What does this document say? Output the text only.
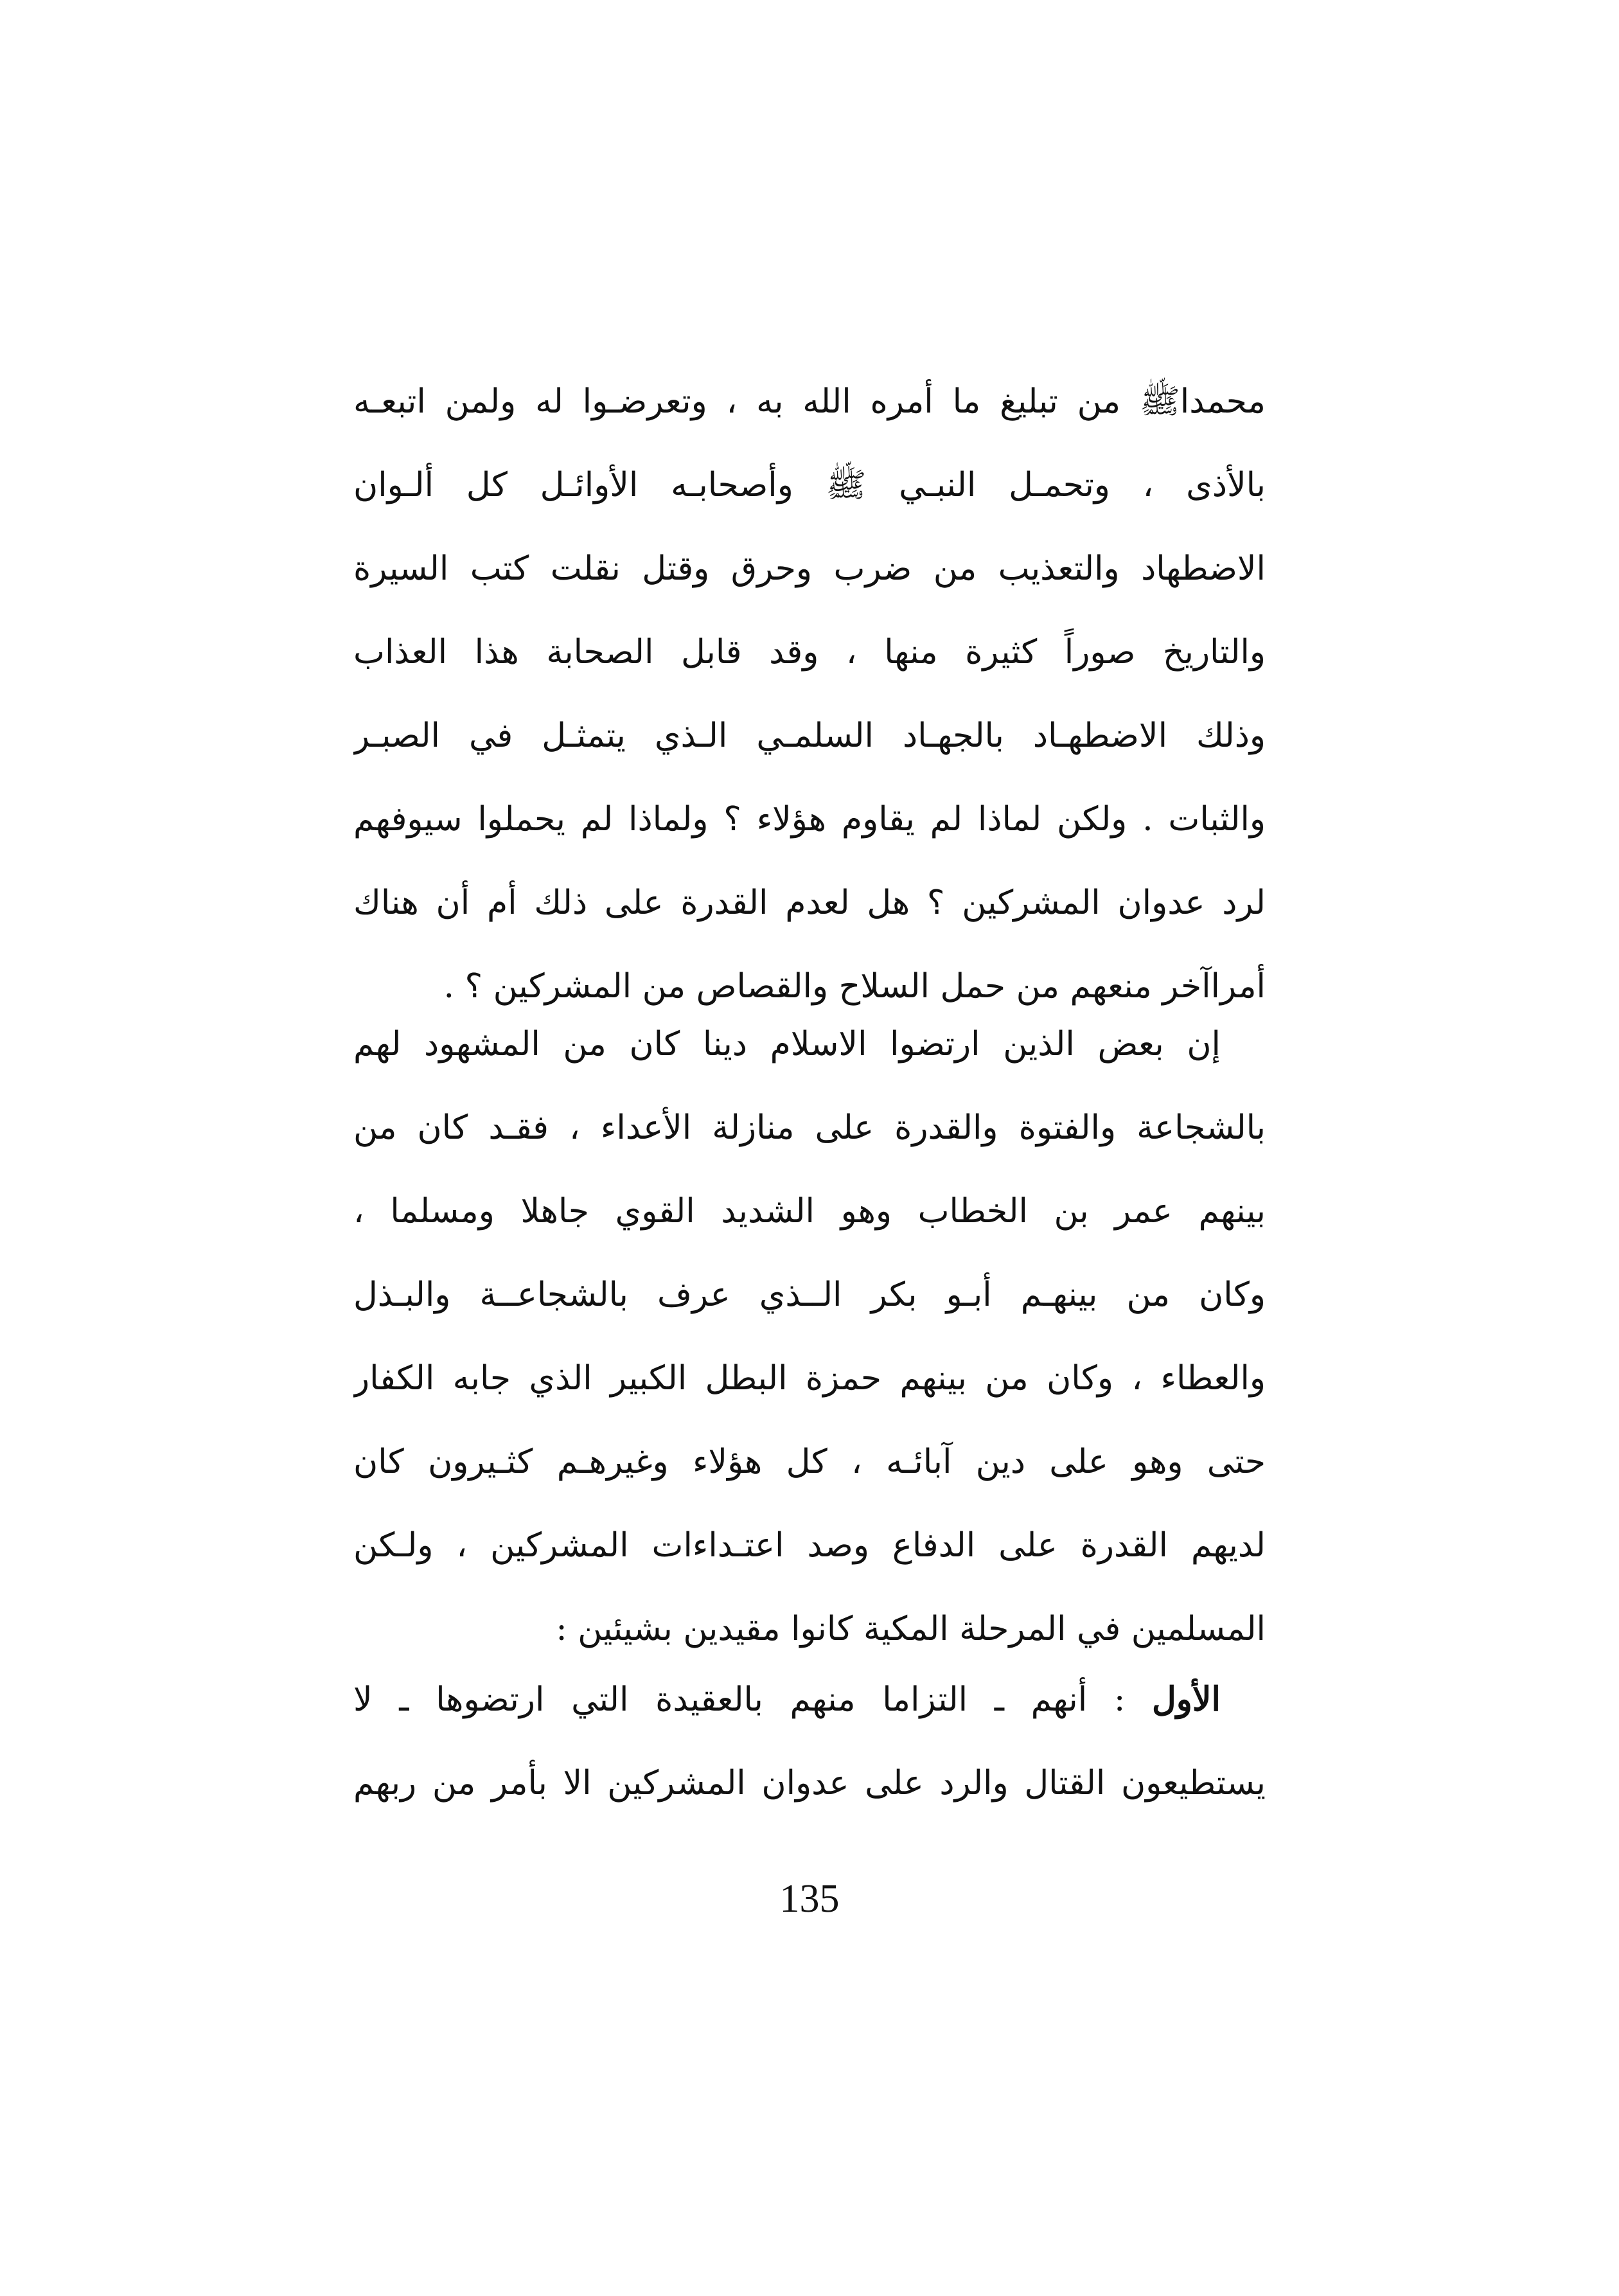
محمداﷺ من تبليغ ما أمره الله به ، وتعرضـوا له ولمن اتبعـه
بالأذى ، وتحمـل النبـي ﷺ وأصحابـه الأوائـل كل ألـوان
الاضطهاد والتعذيب من ضرب وحرق وقتل نقلت كتب السيرة
والتاريخ صوراً كثيرة منها ، وقد قابل الصحابة هذا العذاب
وذلك الاضطهـاد بالجهـاد السلمـي الـذي يتمثـل في الصبـر
والثبات . ولكن لماذا لم يقاوم هؤلاء ؟ ولماذا لم يحملوا سيوفهم
لرد عدوان المشركين ؟ هل لعدم القدرة على ذلك أم أن هناك
أمراآخر منعهم من حمل السلاح والقصاص من المشركين ؟ .
إن بعض الذين ارتضوا الاسلام دينا كان من المشهود لهم
بالشجاعة والفتوة والقدرة على منازلة الأعداء ، فقـد كان من
بينهم عمر بن الخطاب وهو الشديد القوي جاهلا ومسلما ،
وكان من بينهـم أبـو بكر الــذي عرف بالشجاعــة والبـذل
والعطاء ، وكان من بينهم حمزة البطل الكبير الذي جابه الكفار
حتى وهو على دين آبائـه ، كل هؤلاء وغيرهـم كثـيرون كان
لديهم القدرة على الدفاع وصد اعتـداءات المشركين ، ولـكن
المسلمين في المرحلة المكية كانوا مقيدين بشيئين :
الأول : أنهم ـ التزاما منهم بالعقيدة التي ارتضوها ـ لا
يستطيعون القتال والرد على عدوان المشركين الا بأمر من ربهم
135
